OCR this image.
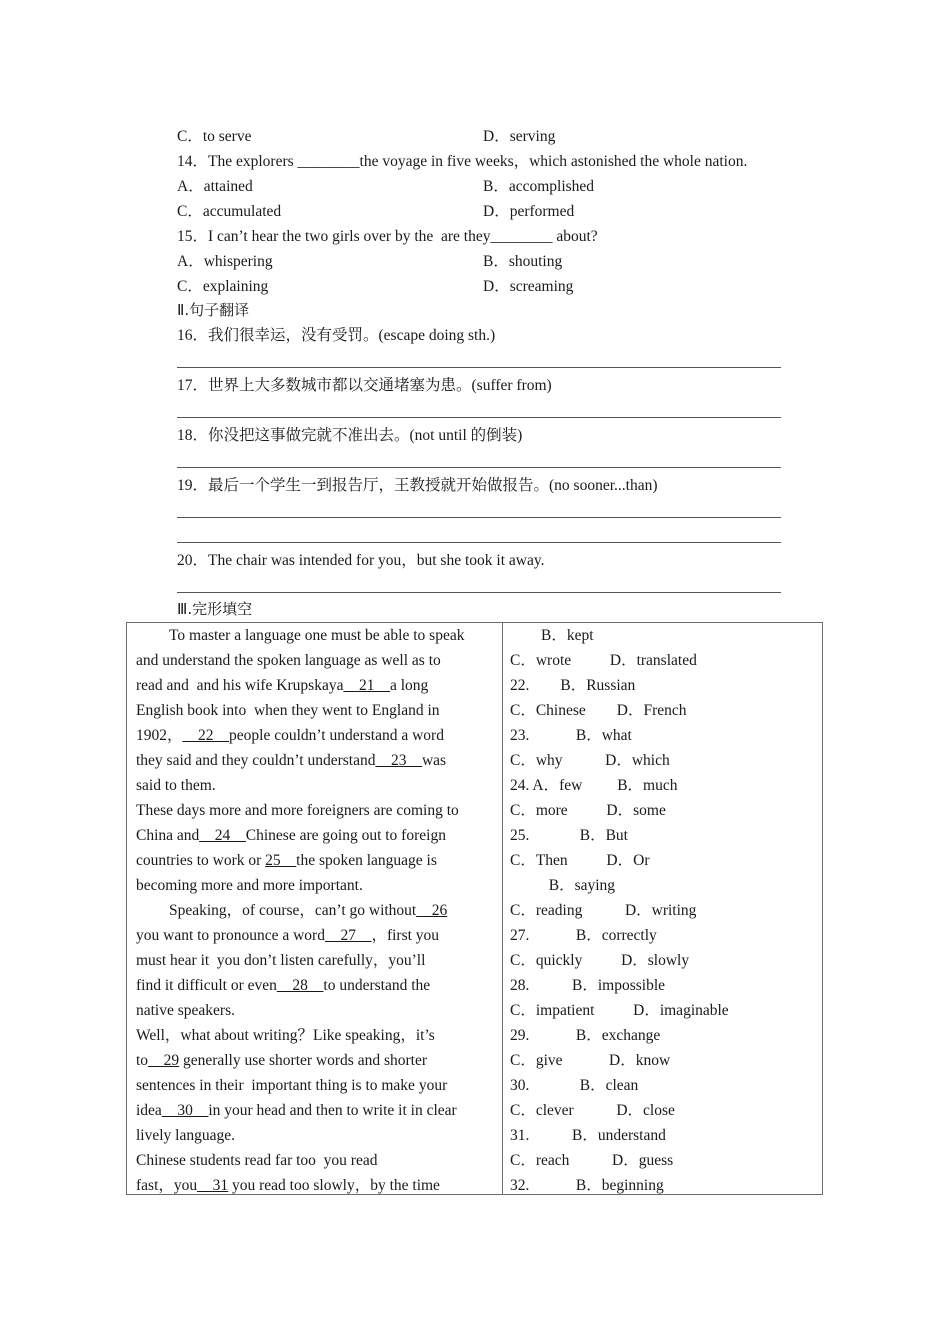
C．to serve	D．serving
14．The explorers ________the voyage in five weeks，which astonished the whole nation.
A．attained	B．accomplished
C．accumulated	D．performed
15．I can’t hear the two girls over by the  are they________ about?
A．whispering	B．shouting
C．explaining	D．screaming
Ⅱ.句子翻译
16．我们很幸运，没有受罚。(escape doing sth.)
17．世界上大多数城市都以交通堵塞为患。(suffer from)
18．你没把这事做完就不准出去。(not until 的倒装)
19．最后一个学生一到报告厅，王教授就开始做报告。(no sooner...than)
20．The chair was intended for you，but she took it away.
Ⅲ.完形填空
To master a language one must be able to speak
and understand the spoken language as well as to
read and  and his wife Krupskaya__21__a long
English book into  when they went to England in
1902，__22__people couldn’t understand a word
they said and they couldn’t understand__23__was
said to them.
These days more and more foreigners are coming to
China and__24__Chinese are going out to foreign
countries to work or 25__the spoken language is
becoming more and more important.
Speaking，of course，can’t go without__26
you want to pronounce a word__27__，first you
must hear it  you don’t listen carefully，you’ll
find it difficult or even__28__to understand the
native speakers.
Well，what about writing？Like speaking，it’s
to__29 generally use shorter words and shorter
sentences in their  important thing is to make your
idea__30__in your head and then to write it in clear
lively language.
Chinese students read far too  you read
fast，you__31 you read too slowly，by the time
B．kept
C．wrote          D．translated
22.        B．Russian
C．Chinese        D．French
23.            B．what
C．why           D．which
24. A．few         B．much
C．more          D．some
25.             B．But
C．Then          D．Or
B．saying
C．reading           D．writing
27.            B．correctly
C．quickly          D．slowly
28.           B．impossible
C．impatient          D．imaginable
29.            B．exchange
C．give            D．know
30.             B．clean
C．clever           D．close
31.           B．understand
C．reach           D．guess
32.            B．beginning
